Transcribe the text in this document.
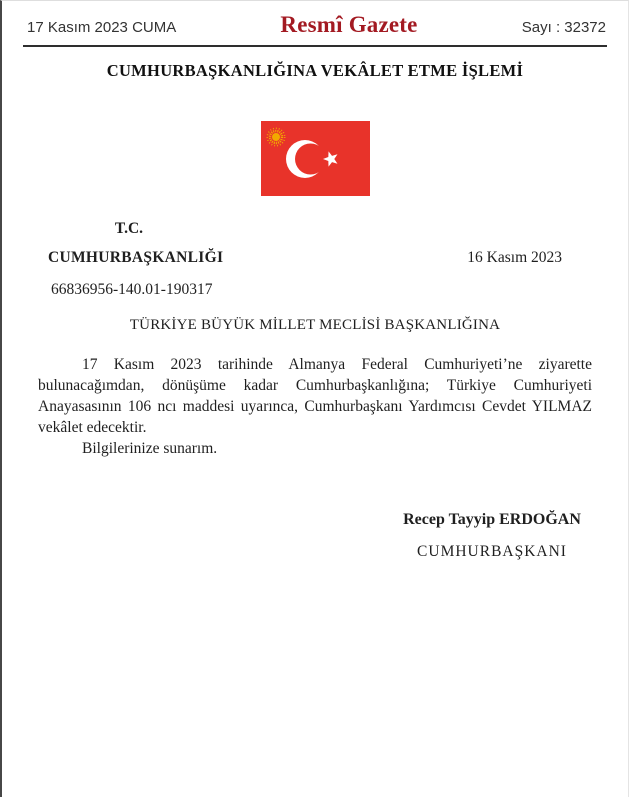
17 Kasım 2023 CUMA	Resmî Gazete	Sayı : 32372
CUMHURBAŞKANLIĞINA VEKÂLET ETME İŞLEMİ
T.C.
CUMHURBAŞKANLIĞI	16 Kasım 2023
66836956-140.01-190317
TÜRKİYE BÜYÜK MİLLET MECLİSİ BAŞKANLIĞINA

17 Kasım 2023 tarihinde Almanya Federal Cumhuriyeti’ne ziyarette bulunacağımdan, dönüşüme kadar Cumhurbaşkanlığına; Türkiye Cumhuriyeti Anayasasının 106 ncı maddesi uyarınca, Cumhurbaşkanı Yardımcısı Cevdet YILMAZ vekâlet edecektir.

Bilgilerinize sunarım.
Recep Tayyip ERDOĞAN
CUMHURBAŞKANI
